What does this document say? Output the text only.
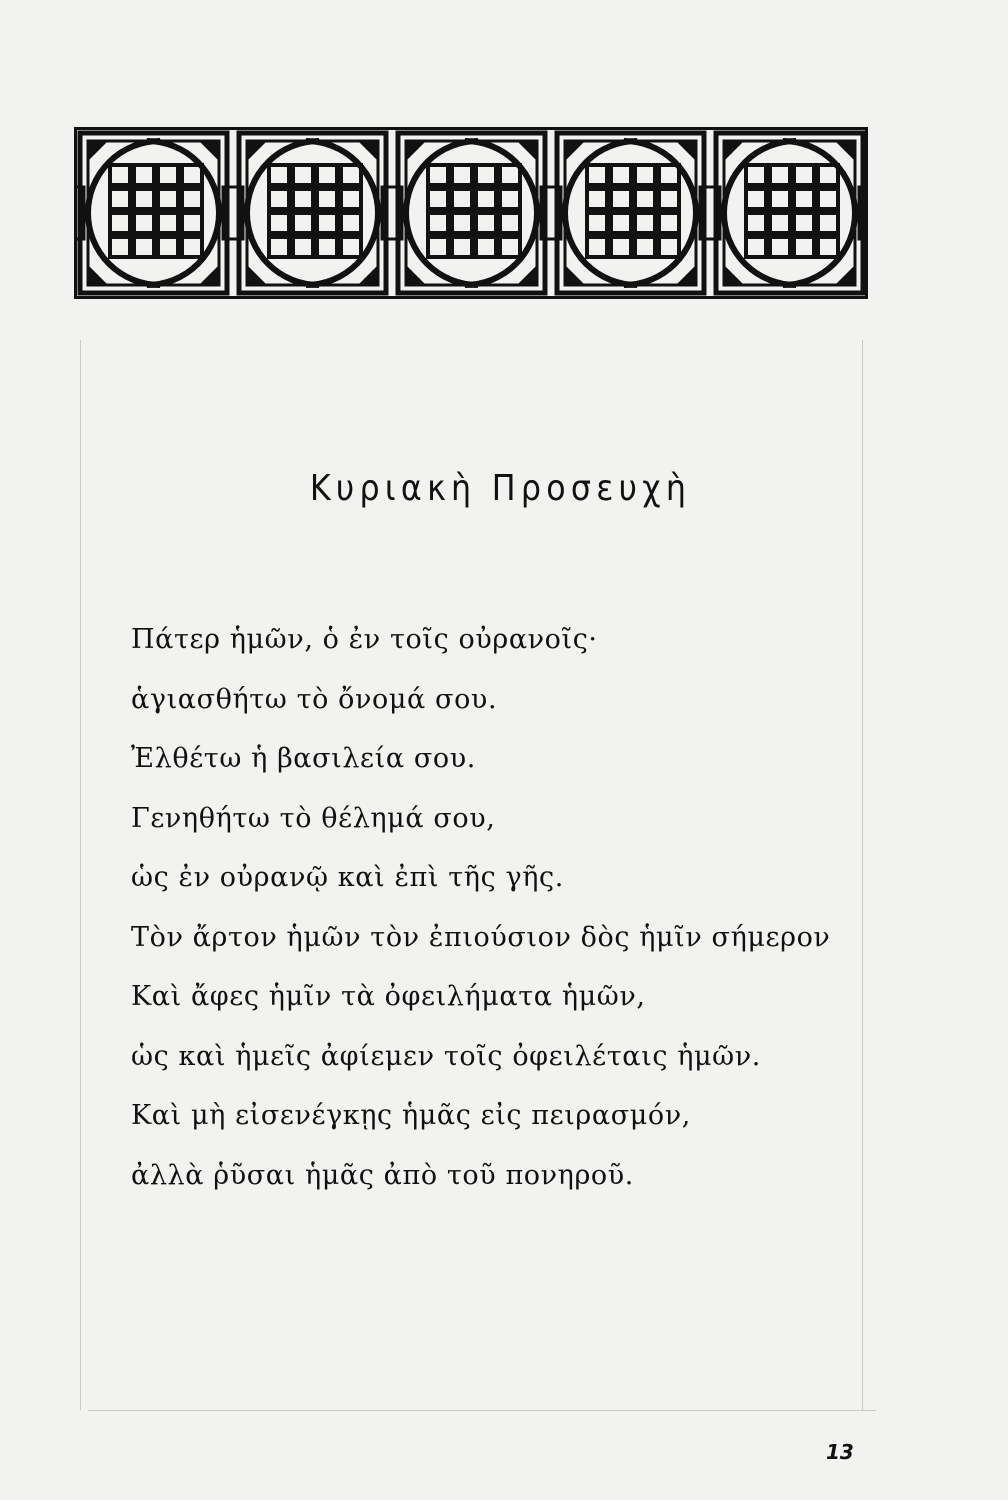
Κυριακὴ Προσευχὴ
Πάτερ ἡμῶν, ὁ ἐν τοῖς οὐρανοῖς·
ἁγιασθήτω τὸ ὄνομά σου.
Ἐλθέτω ἡ βασιλεία σου.
Γενηθήτω τὸ θέλημά σου,
ὡς ἐν οὐρανῷ καὶ ἐπὶ τῆς γῆς.
Τὸν ἄρτον ἡμῶν τὸν ἐπιούσιον δὸς ἡμῖν σήμερον
Καὶ ἄφες ἡμῖν τὰ ὀφειλήματα ἡμῶν,
ὡς καὶ ἡμεῖς ἀφίεμεν τοῖς ὀφειλέταις ἡμῶν.
Καὶ μὴ εἰσενέγκῃς ἡμᾶς εἰς πειρασμόν,
ἀλλὰ ῥῦσαι ἡμᾶς ἀπὸ τοῦ πονηροῦ.
13
